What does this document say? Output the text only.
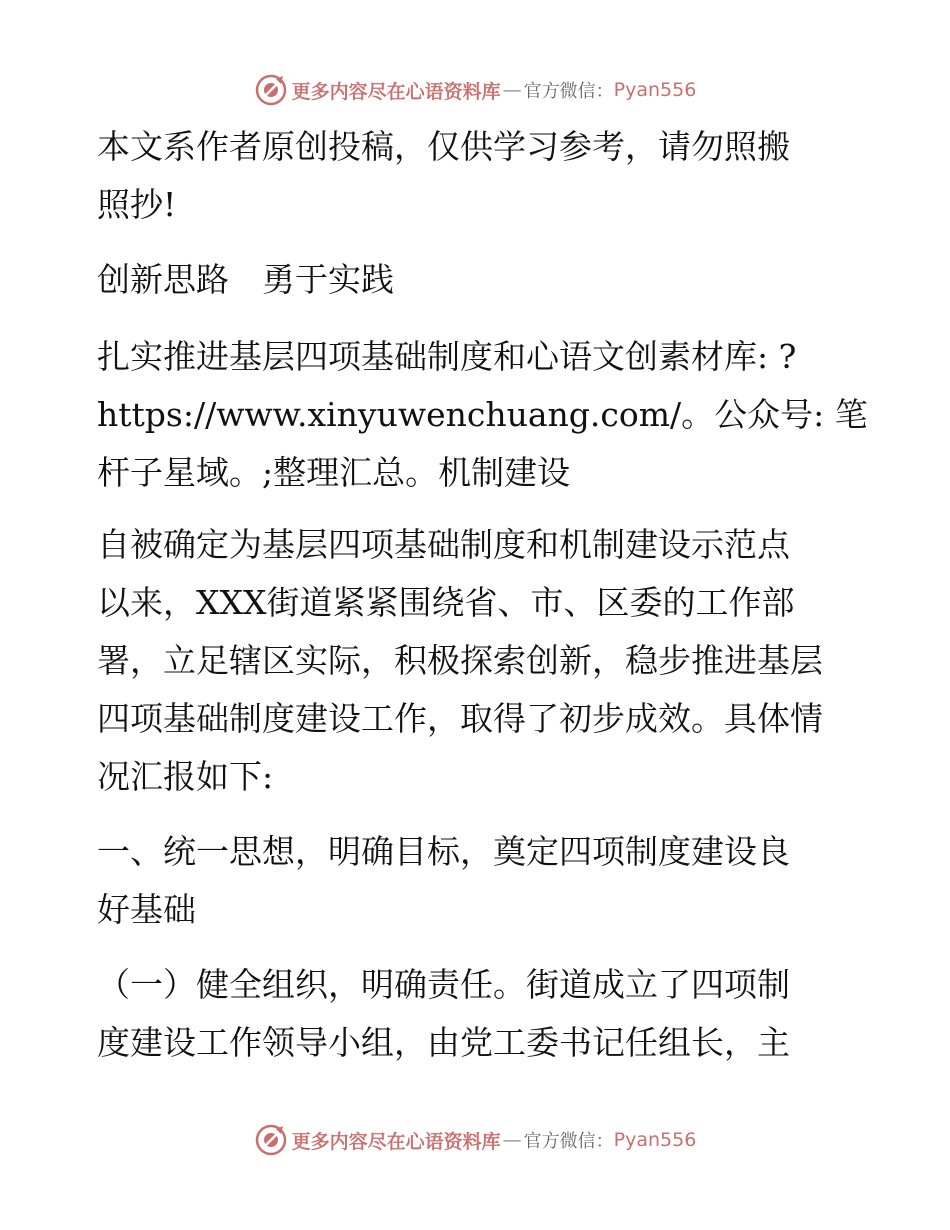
更多内容尽在心语资料库 — 官方微信： Pyan556
本文系作者原创投稿，仅供学习参考，请勿照搬
照抄!
创新思路　勇于实践
扎实推进基层四项基础制度和心语文创素材库: ?
https://www.xinyuwenchuang.com/。公众号: 笔
杆子星域。;整理汇总。机制建设
自被确定为基层四项基础制度和机制建设示范点
以来，XXX街道紧紧围绕省、市、区委的工作部
署，立足辖区实际，积极探索创新，稳步推进基层
四项基础制度建设工作，取得了初步成效。具体情
况汇报如下:
一、统一思想，明确目标，奠定四项制度建设良
好基础
（一）健全组织，明确责任。街道成立了四项制
度建设工作领导小组，由党工委书记任组长，主
更多内容尽在心语资料库 — 官方微信： Pyan556
